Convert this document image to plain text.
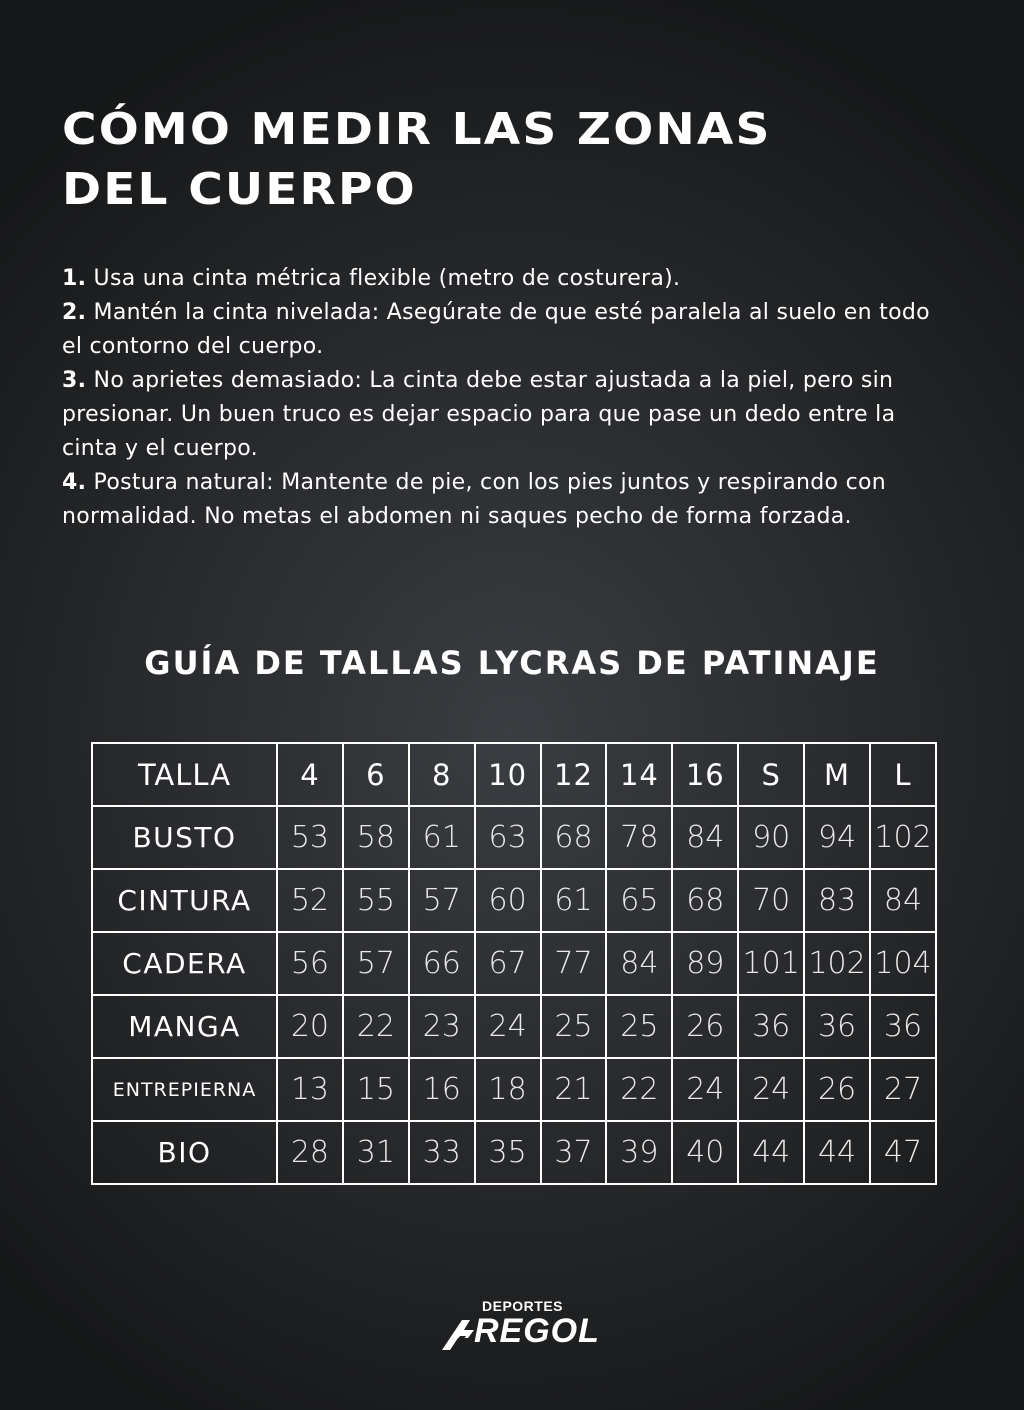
CÓMO MEDIR LAS ZONAS
DEL CUERPO
1. Usa una cinta métrica flexible (metro de costurera).
2. Mantén la cinta nivelada: Asegúrate de que esté paralela al suelo en todo el contorno del cuerpo.
3. No aprietes demasiado: La cinta debe estar ajustada a la piel, pero sin presionar. Un buen truco es dejar espacio para que pase un dedo entre la cinta y el cuerpo.
4. Postura natural: Mantente de pie, con los pies juntos y respirando con normalidad. No metas el abdomen ni saques pecho de forma forzada.
GUÍA DE TALLAS LYCRAS DE PATINAJE
TALLA	4	6	8	10	12	14	16	S	M	L
BUSTO	53	58	61	63	68	78	84	90	94	102
CINTURA	52	55	57	60	61	65	68	70	83	84
CADERA	56	57	66	67	77	84	89	101	102	104
MANGA	20	22	23	24	25	25	26	36	36	36
ENTREPIERNA	13	15	16	18	21	22	24	24	26	27
BIO	28	31	33	35	37	39	40	44	44	47
DEPORTES
REGOL
